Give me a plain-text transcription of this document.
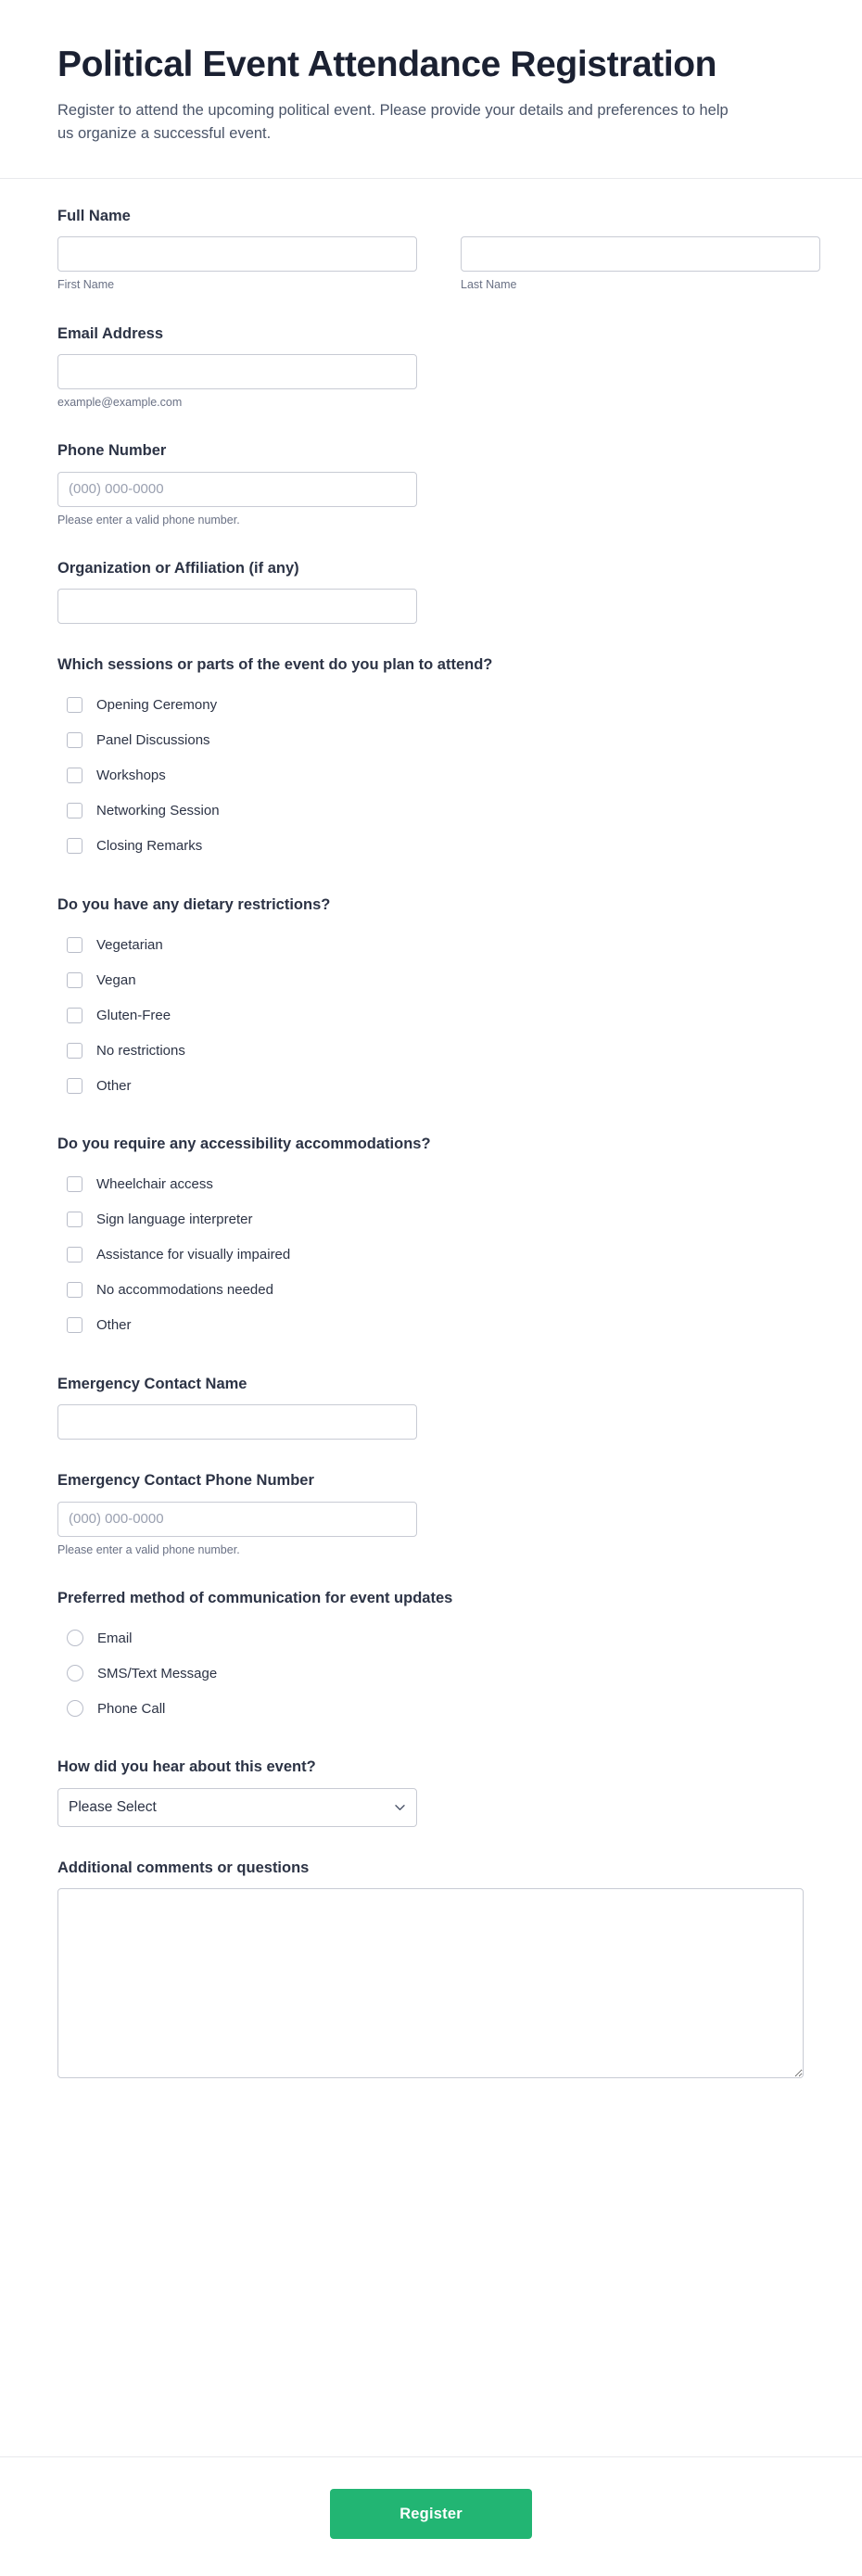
Political Event Attendance Registration

Register to attend the upcoming political event. Please provide your details and preferences to help us organize a successful event.

Full Name
First Name	Last Name
Email Address
example@example.com
Phone Number
(000) 000-0000
Please enter a valid phone number.
Organization or Affiliation (if any)
Which sessions or parts of the event do you plan to attend?
Opening Ceremony
Panel Discussions
Workshops
Networking Session
Closing Remarks
Do you have any dietary restrictions?
Vegetarian
Vegan
Gluten-Free
No restrictions
Other
Do you require any accessibility accommodations?
Wheelchair access
Sign language interpreter
Assistance for visually impaired
No accommodations needed
Other
Emergency Contact Name
Emergency Contact Phone Number
(000) 000-0000
Please enter a valid phone number.
Preferred method of communication for event updates
Email
SMS/Text Message
Phone Call
How did you hear about this event?
Please Select
Additional comments or questions
Register
